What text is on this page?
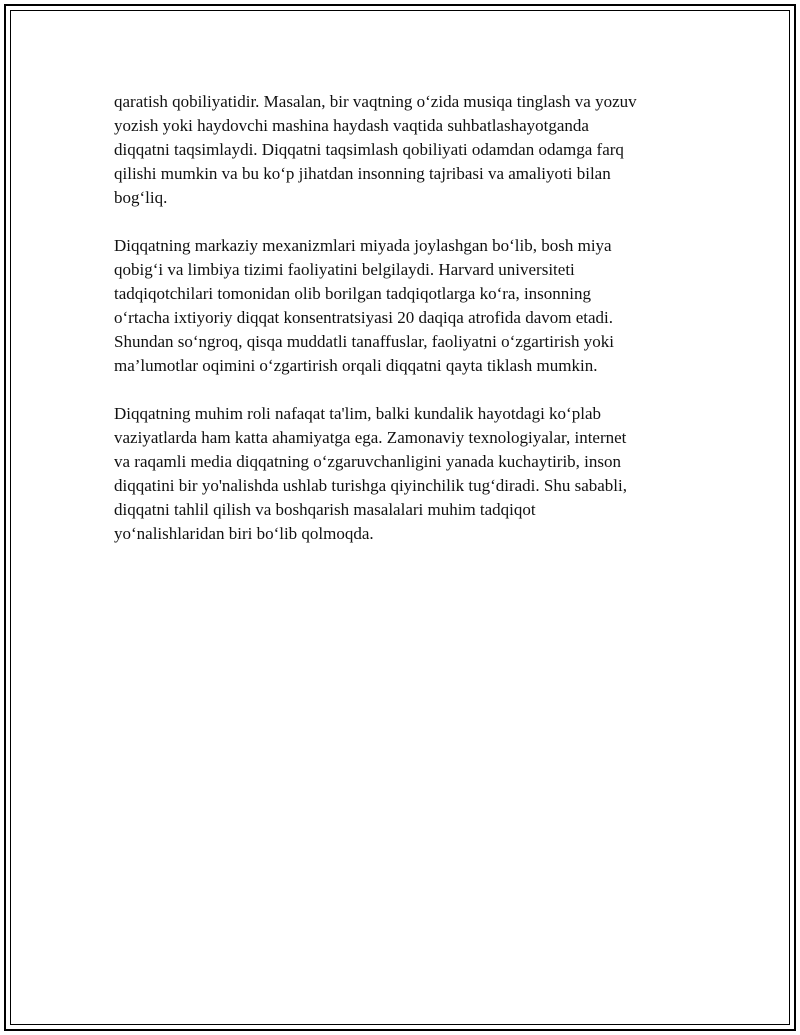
qaratish qobiliyatidir. Masalan, bir vaqtning o‘zida musiqa tinglash va yozuv
yozish yoki haydovchi mashina haydash vaqtida suhbatlashayotganda
diqqatni taqsimlaydi. Diqqatni taqsimlash qobiliyati odamdan odamga farq
qilishi mumkin va bu ko‘p jihatdan insonning tajribasi va amaliyoti bilan
bog‘liq.

Diqqatning markaziy mexanizmlari miyada joylashgan bo‘lib, bosh miya
qobig‘i va limbiya tizimi faoliyatini belgilaydi. Harvard universiteti
tadqiqotchilari tomonidan olib borilgan tadqiqotlarga ko‘ra, insonning
o‘rtacha ixtiyoriy diqqat konsentratsiyasi 20 daqiqa atrofida davom etadi.
Shundan so‘ngroq, qisqa muddatli tanaffuslar, faoliyatni o‘zgartirish yoki
ma’lumotlar oqimini o‘zgartirish orqali diqqatni qayta tiklash mumkin.

Diqqatning muhim roli nafaqat ta'lim, balki kundalik hayotdagi ko‘plab
vaziyatlarda ham katta ahamiyatga ega. Zamonaviy texnologiyalar, internet
va raqamli media diqqatning o‘zgaruvchanligini yanada kuchaytirib, inson
diqqatini bir yo'nalishda ushlab turishga qiyinchilik tug‘diradi. Shu sababli,
diqqatni tahlil qilish va boshqarish masalalari muhim tadqiqot
yo‘nalishlaridan biri bo‘lib qolmoqda.
